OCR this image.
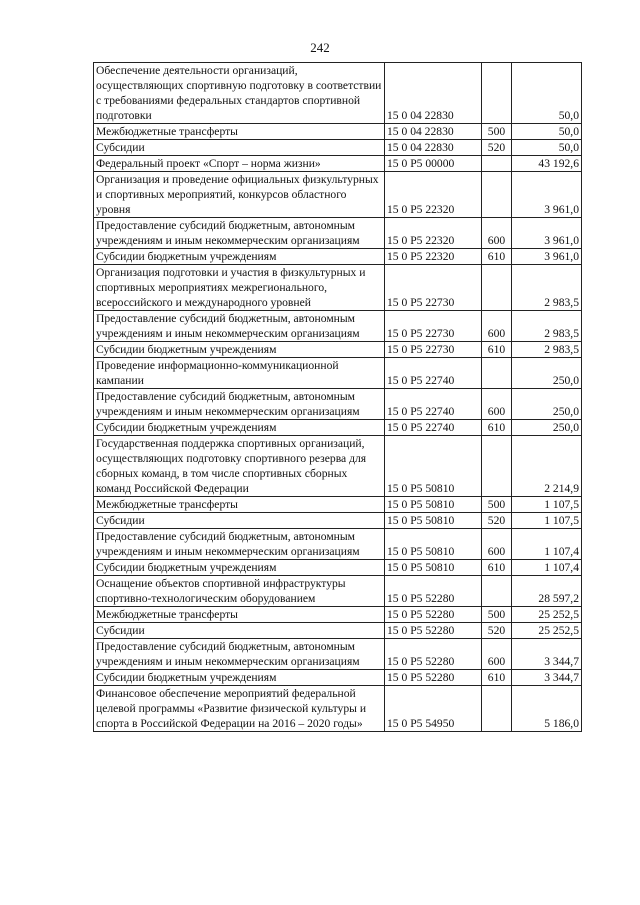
242
Обеспечение деятельности организаций, осуществляющих спортивную подготовку в соответствии с требованиями федеральных стандартов спортивной подготовки	15 0 04 22830		50,0
Межбюджетные трансферты	15 0 04 22830	500	50,0
Субсидии	15 0 04 22830	520	50,0
Федеральный проект «Спорт – норма жизни»	15 0 P5 00000		43 192,6
Организация и проведение официальных физкультурных и спортивных мероприятий, конкурсов областного уровня	15 0 P5 22320		3 961,0
Предоставление субсидий бюджетным, автономным учреждениям и иным некоммерческим организациям	15 0 P5 22320	600	3 961,0
Субсидии бюджетным учреждениям	15 0 P5 22320	610	3 961,0
Организация подготовки и участия в физкультурных и спортивных мероприятиях межрегионального, всероссийского и международного уровней	15 0 P5 22730		2 983,5
Предоставление субсидий бюджетным, автономным учреждениям и иным некоммерческим организациям	15 0 P5 22730	600	2 983,5
Субсидии бюджетным учреждениям	15 0 P5 22730	610	2 983,5
Проведение информационно-коммуникационной кампании	15 0 P5 22740		250,0
Предоставление субсидий бюджетным, автономным учреждениям и иным некоммерческим организациям	15 0 P5 22740	600	250,0
Субсидии бюджетным учреждениям	15 0 P5 22740	610	250,0
Государственная поддержка спортивных организаций, осуществляющих подготовку спортивного резерва для сборных команд, в том числе спортивных сборных команд Российской Федерации	15 0 P5 50810		2 214,9
Межбюджетные трансферты	15 0 P5 50810	500	1 107,5
Субсидии	15 0 P5 50810	520	1 107,5
Предоставление субсидий бюджетным, автономным учреждениям и иным некоммерческим организациям	15 0 P5 50810	600	1 107,4
Субсидии бюджетным учреждениям	15 0 P5 50810	610	1 107,4
Оснащение объектов спортивной инфраструктуры спортивно-технологическим оборудованием	15 0 P5 52280		28 597,2
Межбюджетные трансферты	15 0 P5 52280	500	25 252,5
Субсидии	15 0 P5 52280	520	25 252,5
Предоставление субсидий бюджетным, автономным учреждениям и иным некоммерческим организациям	15 0 P5 52280	600	3 344,7
Субсидии бюджетным учреждениям	15 0 P5 52280	610	3 344,7
Финансовое обеспечение мероприятий федеральной целевой программы «Развитие физической культуры и спорта в Российской Федерации на 2016 – 2020 годы»	15 0 P5 54950		5 186,0
